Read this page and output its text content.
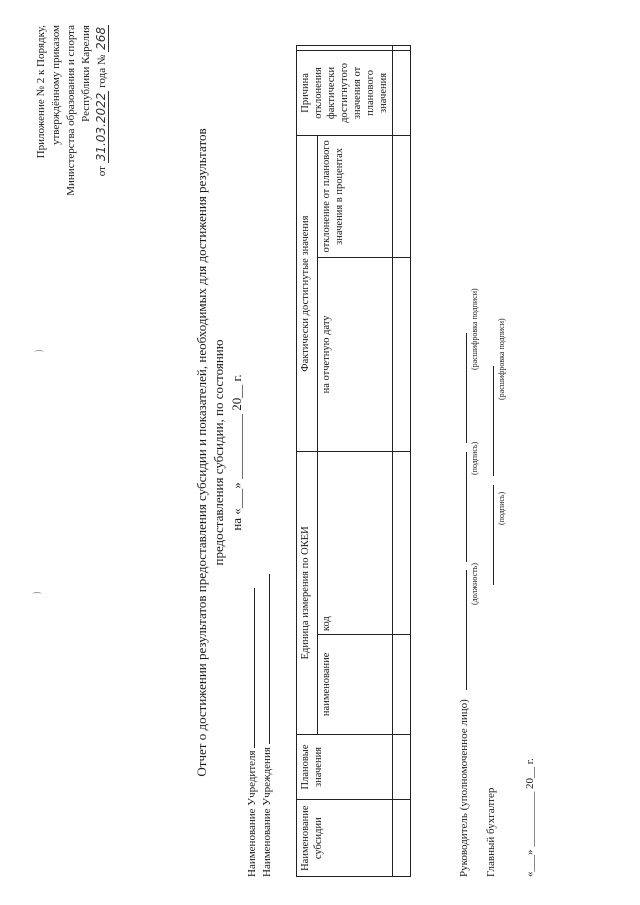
Приложение № 2 к Порядку, утверждённому приказом Министерства образования и спорта Республики Карелия
от 31.03.2022 года № 268
Отчет о достижении результатов предоставления субсидии и показателей, необходимых для достижения результатов предоставления субсидии, по состоянию на «___» __________ 20__ г.
Наименование Учредителя Наименование Учреждения	Наименование субсидии	Плановые значения	Единица измерения по ОКЕИ		Фактически достигнутые значения		Причина отклонения фактически достигнутого значения от планового значения	
		наименование	код	на отчетную дату	отклонение от планового значения в процентах		

Руководитель (уполномоченное лицо)
(должность)
(подпись)
(расшифровка подписи)
Главный бухгалтер
(подпись)
(расшифровка подписи)
«___» __________ 20__ г.
